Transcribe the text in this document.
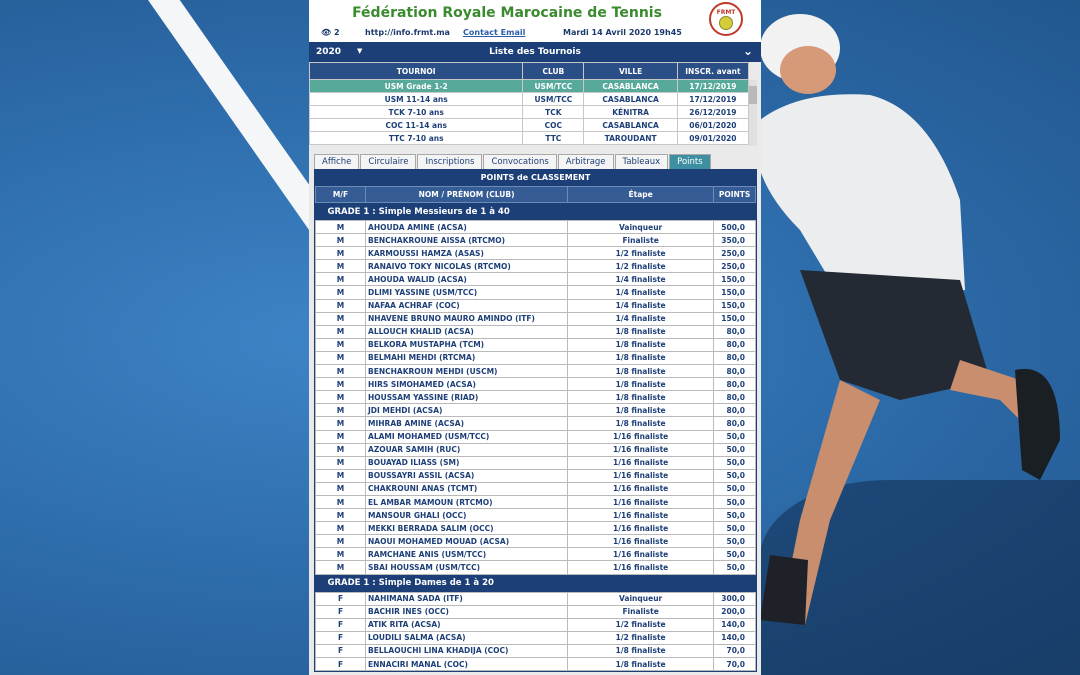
Fédération Royale Marocaine de Tennis	FRMT
👁 2	http://info.frmt.ma Contact Email	Mardi 14 Avril 2020 19h45
2020 ▼	Liste des Tournois	⌄
TOURNOI	CLUB	VILLE	INSCR. avant
USM Grade 1-2	USM/TCC	CASABLANCA	17/12/2019
USM 11-14 ans	USM/TCC	CASABLANCA	17/12/2019
TCK 7-10 ans	TCK	KÉNITRA	26/12/2019
COC 11-14 ans	COC	CASABLANCA	06/01/2020
TTC 7-10 ans	TTC	TAROUDANT	09/01/2020
Affiche	Circulaire	Inscriptions	Convocations	Arbitrage	Tableaux	Points
POINTS de CLASSEMENT
M/F	NOM / PRÉNOM (CLUB)	Étape	POINTS
GRADE 1 : Simple Messieurs de 1 à 40			
M	AHOUDA AMINE (ACSA)	Vainqueur	500,0
M	BENCHAKROUNE AISSA (RTCMO)	Finaliste	350,0
M	KARMOUSSI HAMZA (ASAS)	1/2 finaliste	250,0
M	RANAIVO TOKY NICOLAS (RTCMO)	1/2 finaliste	250,0
M	AHOUDA WALID (ACSA)	1/4 finaliste	150,0
M	DLIMI YASSINE (USM/TCC)	1/4 finaliste	150,0
M	NAFAA ACHRAF (COC)	1/4 finaliste	150,0
M	NHAVENE BRUNO MAURO AMINDO (ITF)	1/4 finaliste	150,0
M	ALLOUCH KHALID (ACSA)	1/8 finaliste	80,0
M	BELKORA MUSTAPHA (TCM)	1/8 finaliste	80,0
M	BELMAHI MEHDI (RTCMA)	1/8 finaliste	80,0
M	BENCHAKROUN MEHDI (USCM)	1/8 finaliste	80,0
M	HIRS SIMOHAMED (ACSA)	1/8 finaliste	80,0
M	HOUSSAM YASSINE (RIAD)	1/8 finaliste	80,0
M	JDI MEHDI (ACSA)	1/8 finaliste	80,0
M	MIHRAB AMINE (ACSA)	1/8 finaliste	80,0
M	ALAMI MOHAMED (USM/TCC)	1/16 finaliste	50,0
M	AZOUAR SAMIH (RUC)	1/16 finaliste	50,0
M	BOUAYAD ILIASS (SM)	1/16 finaliste	50,0
M	BOUSSAYRI ASSIL (ACSA)	1/16 finaliste	50,0
M	CHAKROUNI ANAS (TCMT)	1/16 finaliste	50,0
M	EL AMBAR MAMOUN (RTCMO)	1/16 finaliste	50,0
M	MANSOUR GHALI (OCC)	1/16 finaliste	50,0
M	MEKKI BERRADA SALIM (OCC)	1/16 finaliste	50,0
M	NAOUI MOHAMED MOUAD (ACSA)	1/16 finaliste	50,0
M	RAMCHANE ANIS (USM/TCC)	1/16 finaliste	50,0
M	SBAI HOUSSAM (USM/TCC)	1/16 finaliste	50,0
GRADE 1 : Simple Dames de 1 à 20			
F	NAHIMANA SADA (ITF)	Vainqueur	300,0
F	BACHIR INES (OCC)	Finaliste	200,0
F	ATIK RITA (ACSA)	1/2 finaliste	140,0
F	LOUDILI SALMA (ACSA)	1/2 finaliste	140,0
F	BELLAOUCHI LINA KHADIJA (COC)	1/8 finaliste	70,0
F	ENNACIRI MANAL (COC)	1/8 finaliste	70,0
